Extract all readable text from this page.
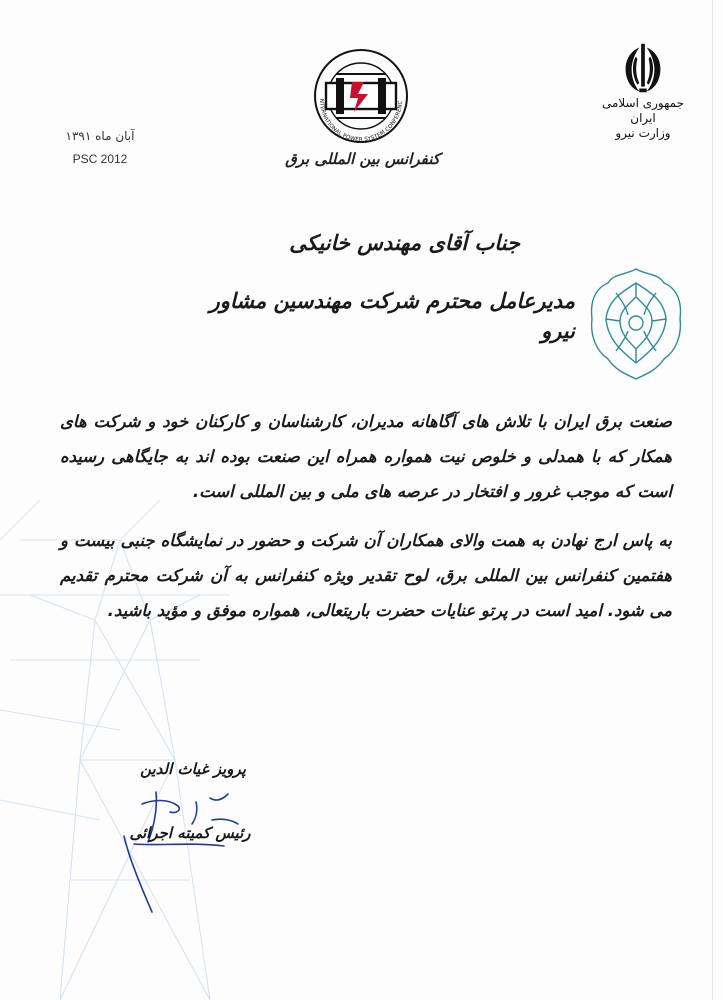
جمهوری اسلامی ایران
وزارت نیرو
آبان ماه ۱۳۹۱
PSC 2012
NTERNATIONAL POWER SYSTEM CONFERENC
کنفرانس بین المللی برق
جناب آقای مهندس خانیکی
مدیرعامل محترم شرکت مهندسین مشاور نیرو

صنعت برق ایران با تلاش های آگاهانه مدیران، کارشناسان و کارکنان خود و شرکت های همکار که با همدلی و خلوص نیت همواره همراه این صنعت بوده اند به جایگاهی رسیده است که موجب غرور و افتخار در عرصه های ملی و بین المللی است.

به پاس ارج نهادن به همت والای همکاران آن شرکت و حضور در نمایشگاه جنبی بیست و هفتمین کنفرانس بین المللی برق، لوح تقدیر ویژه کنفرانس به آن شرکت محترم تقدیم می شود. امید است در پرتو عنایات حضرت باریتعالی، همواره موفق و مؤید باشید.

پرویز غیاث الدین
رئیس کمیته اجرائی
